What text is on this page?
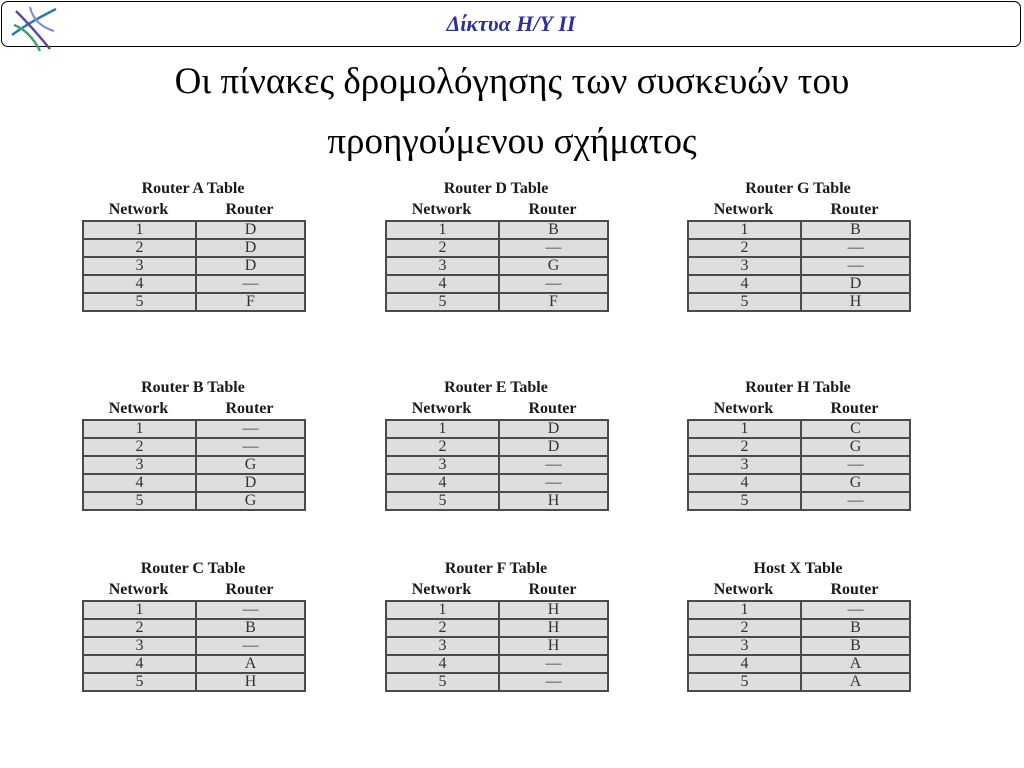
Δίκτυα Η/Υ ΙΙ
Οι πίνακες δρομολόγησης των συσκευών του
προηγούμενου σχήματος
Router A Table
Network	Router
1	D
2	D
3	D
4	—
5	F
Router D Table
Network	Router
1	B
2	—
3	G
4	—
5	F
Router G Table
Network	Router
1	B
2	—
3	—
4	D
5	H
Router B Table
Network	Router
1	—
2	—
3	G
4	D
5	G
Router E Table
Network	Router
1	D
2	D
3	—
4	—
5	H
Router H Table
Network	Router
1	C
2	G
3	—
4	G
5	—
Router C Table
Network	Router
1	—
2	B
3	—
4	A
5	H
Router F Table
Network	Router
1	H
2	H
3	H
4	—
5	—
Host X Table
Network	Router
1	—
2	B
3	B
4	A
5	A
